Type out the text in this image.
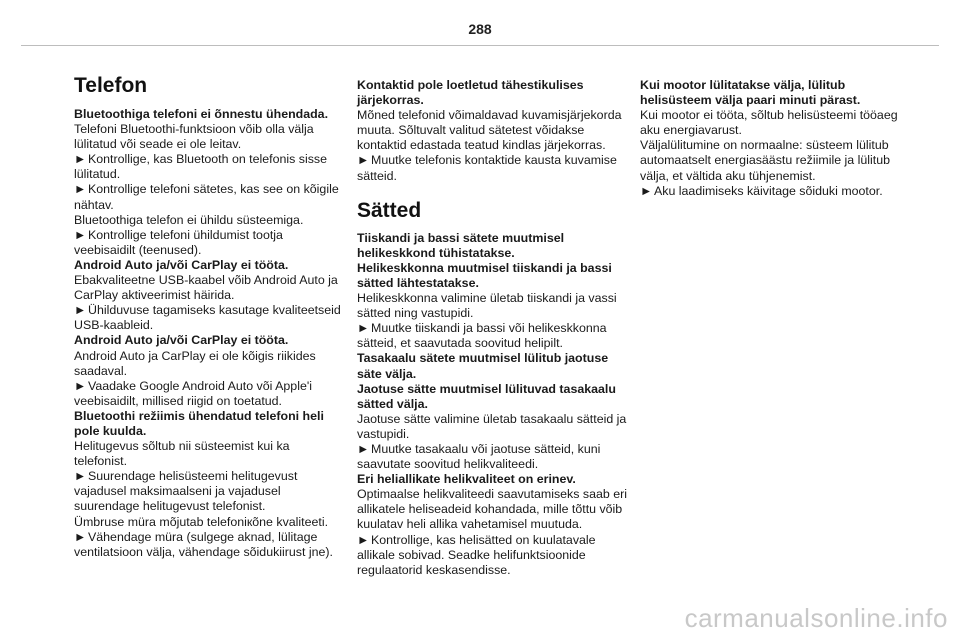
288
Telefon

Bluetoothiga telefoni ei õnnestu ühendada.

Telefoni Bluetoothi-funktsioon võib olla välja lülitatud või seade ei ole leitav.

► Kontrollige, kas Bluetooth on telefonis sisse lülitatud.

► Kontrollige telefoni sätetes, kas see on kõigile nähtav.

Bluetoothiga telefon ei ühildu süsteemiga.

► Kontrollige telefoni ühildumist tootja veebisaidilt (teenused).

Android Auto ja/või CarPlay ei tööta.

Ebakvaliteetne USB-kaabel võib Android Auto ja CarPlay aktiveerimist häirida.

► Ühilduvuse tagamiseks kasutage kvaliteetseid USB-kaableid.

Android Auto ja/või CarPlay ei tööta.

Android Auto ja CarPlay ei ole kõigis riikides saadaval.

► Vaadake Google Android Auto või Apple'i veebisaidilt, millised riigid on toetatud.

Bluetoothi režiimis ühendatud telefoni heli pole kuulda.

Helitugevus sõltub nii süsteemist kui ka telefonist.

► Suurendage helisüsteemi helitugevust vajadusel maksimaalseni ja vajadusel suurendage helitugevust telefonist.

Ümbruse müra mõjutab telefoniкõne kvaliteeti.

► Vähendage müra (sulgege aknad, lülitage ventilatsioon välja, vähendage sõidukiirust jne).

Kontaktid pole loetletud tähestikulises järjekorras.

Mõned telefonid võimaldavad kuvamisjärjekorda muuta. Sõltuvalt valitud sätetest võidakse kontaktid edastada teatud kindlas järjekorras.

► Muutke telefonis kontaktide kausta kuvamise sätteid.

Sätted

Tiiskandi ja bassi sätete muutmisel helikeskkond tühistatakse.

Helikeskkonna muutmisel tiiskandi ja bassi sätted lähtestatakse.

Helikeskkonna valimine ületab tiiskandi ja vassi sätted ning vastupidi.

► Muutke tiiskandi ja bassi või helikeskkonna sätteid, et saavutada soovitud helipilt.

Tasakaalu sätete muutmisel lülitub jaotuse säte välja.

Jaotuse sätte muutmisel lülituvad tasakaalu sätted välja.

Jaotuse sätte valimine ületab tasakaalu sätteid ja vastupidi.

► Muutke tasakaalu või jaotuse sätteid, kuni saavutate soovitud helikvaliteedi.

Eri heliallikate helikvaliteet on erinev.

Optimaalse helikvaliteedi saavutamiseks saab eri allikatele heliseadeid kohandada, mille tõttu võib kuulatav heli allika vahetamisel muutuda.

► Kontrollige, kas helisätted on kuulatavale allikale sobivad. Seadke helifunktsioonide regulaatorid keskasendisse.

Kui mootor lülitatakse välja, lülitub helisüsteem välja paari minuti pärast.

Kui mootor ei tööta, sõltub helisüsteemi tööaeg aku energiavarust.

Väljalülitumine on normaalne: süsteem lülitub automaatselt energiasäästu režiimile ja lülitub välja, et vältida aku tühjenemist.

► Aku laadimiseks käivitage sõiduki mootor.

carmanualsonline.info
